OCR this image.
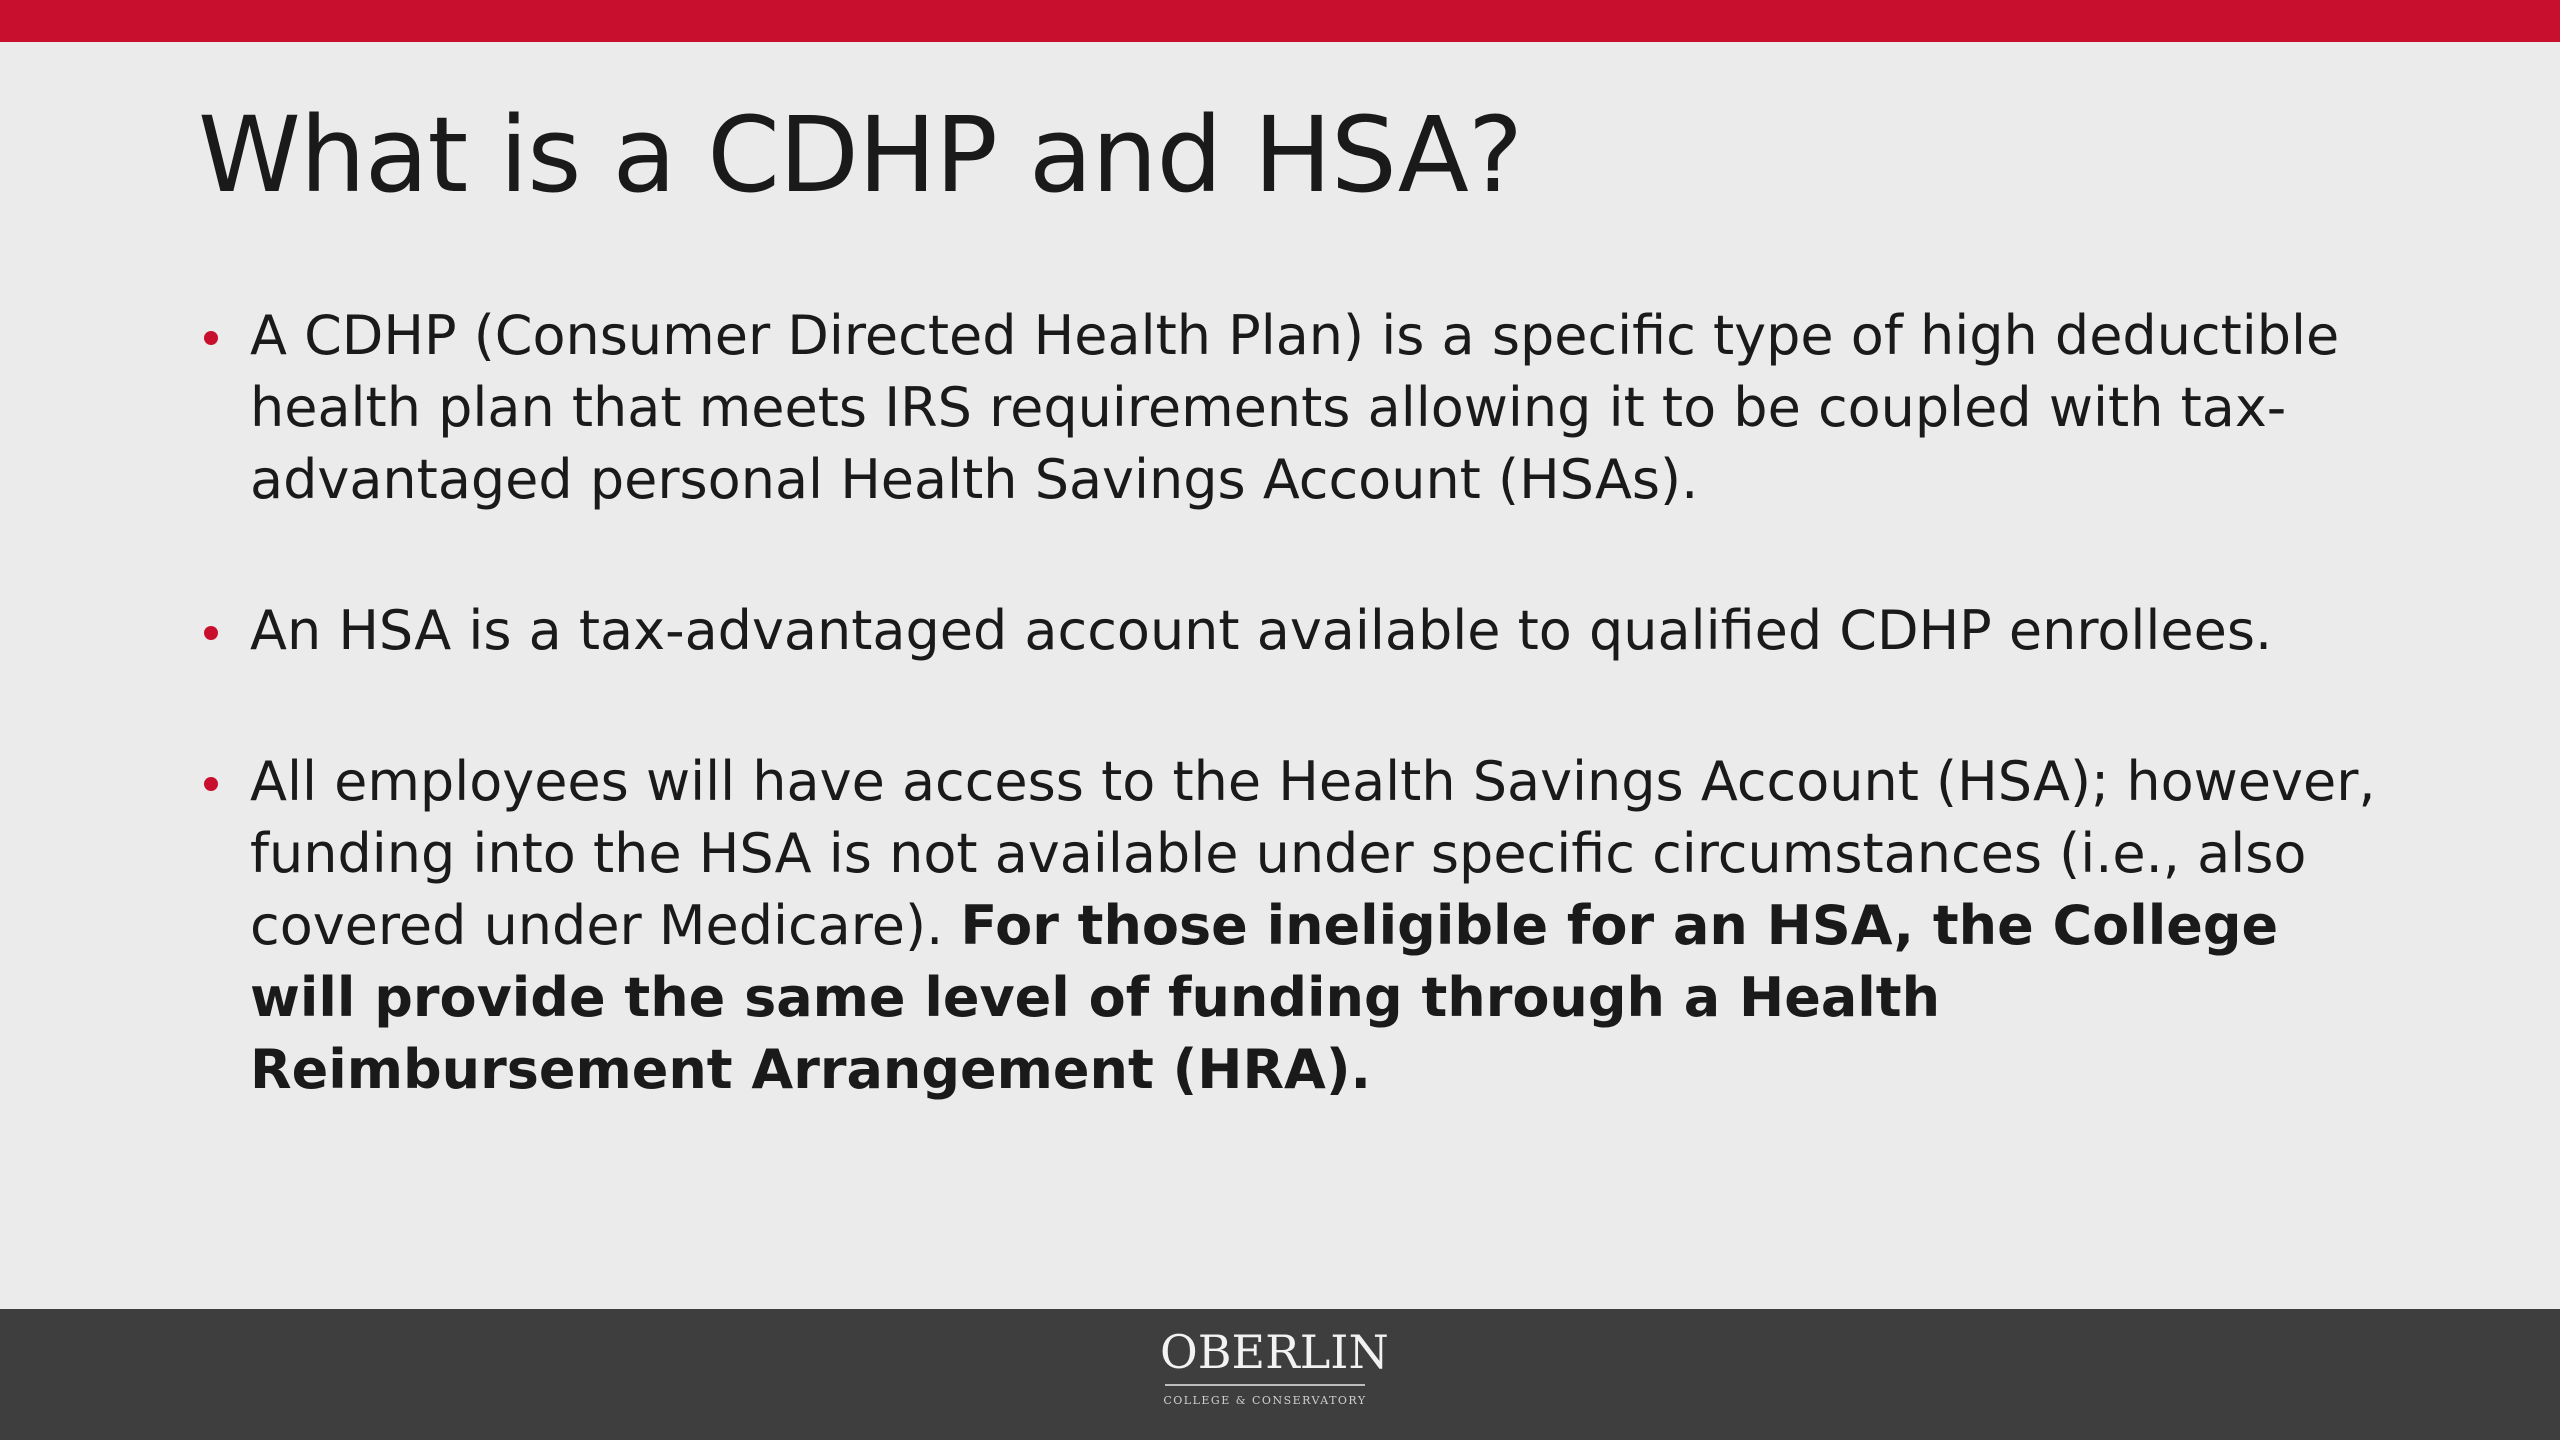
What is a CDHP and HSA?
A CDHP (Consumer Directed Health Plan) is a specific type of high deductible health plan that meets IRS requirements allowing it to be coupled with tax-advantaged personal Health Savings Account (HSAs).
An HSA is a tax-advantaged account available to qualified CDHP enrollees.
All employees will have access to the Health Savings Account (HSA); however, funding into the HSA is not available under specific circumstances (i.e., also covered under Medicare). For those ineligible for an HSA, the College will provide the same level of funding through a Health Reimbursement Arrangement (HRA).
OBERLIN
COLLEGE & CONSERVATORY
